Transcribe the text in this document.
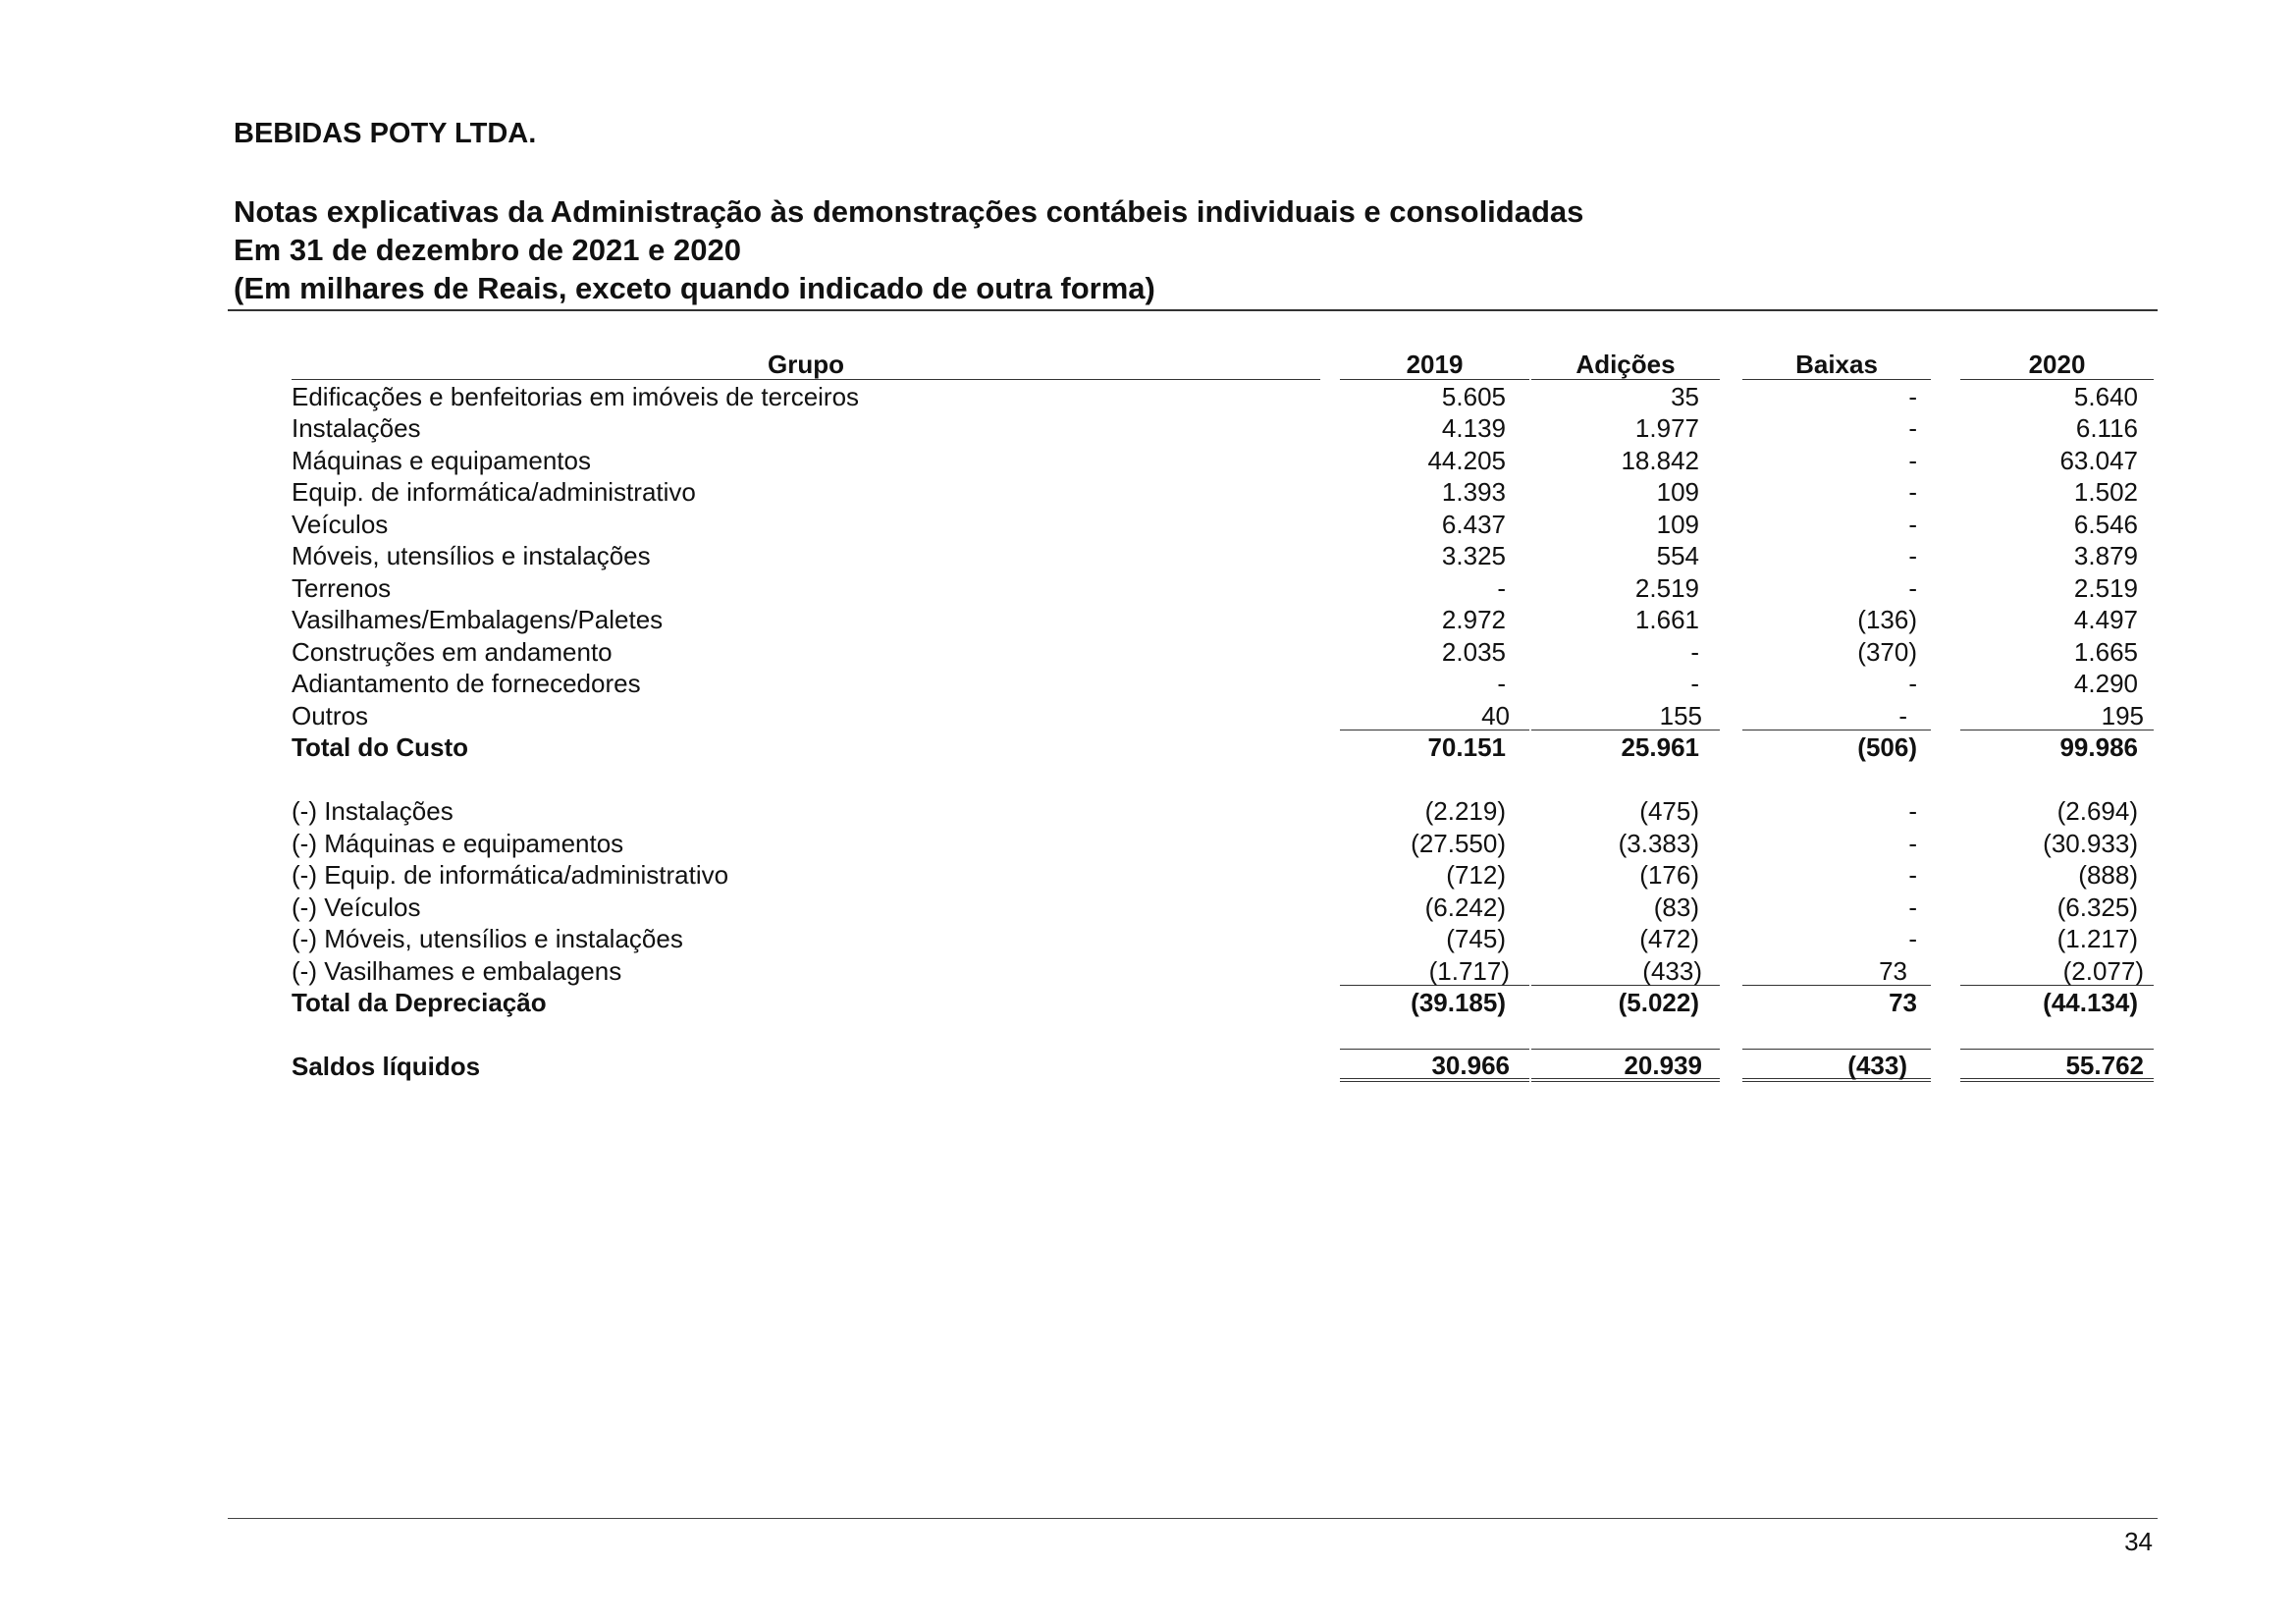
BEBIDAS POTY LTDA.
Notas explicativas da Administração às demonstrações contábeis individuais e consolidadas
Em 31 de dezembro de 2021 e 2020
(Em milhares de Reais, exceto quando indicado de outra forma)
Grupo	2019	Adições	Baixas	2020
Edificações e benfeitorias em imóveis de terceiros	5.605	35	-	5.640
Instalações	4.139	1.977	-	6.116
Máquinas e equipamentos	44.205	18.842	-	63.047
Equip. de informática/administrativo	1.393	109	-	1.502
Veículos	6.437	109	-	6.546
Móveis, utensílios e instalações	3.325	554	-	3.879
Terrenos	-	2.519	-	2.519
Vasilhames/Embalagens/Paletes	2.972	1.661	(136)	4.497
Construções em andamento	2.035	-	(370)	1.665
Adiantamento de fornecedores	-	-	-	4.290
Outros	40	155	-	195
Total do Custo	70.151	25.961	(506)	99.986
(-) Instalações	(2.219)	(475)	-	(2.694)
(-) Máquinas e equipamentos	(27.550)	(3.383)	-	(30.933)
(-) Equip. de informática/administrativo	(712)	(176)	-	(888)
(-) Veículos	(6.242)	(83)	-	(6.325)
(-) Móveis, utensílios e instalações	(745)	(472)	-	(1.217)
(-) Vasilhames e embalagens	(1.717)	(433)	73	(2.077)
Total da Depreciação	(39.185)	(5.022)	73	(44.134)
Saldos líquidos	30.966	20.939	(433)	55.762
34
